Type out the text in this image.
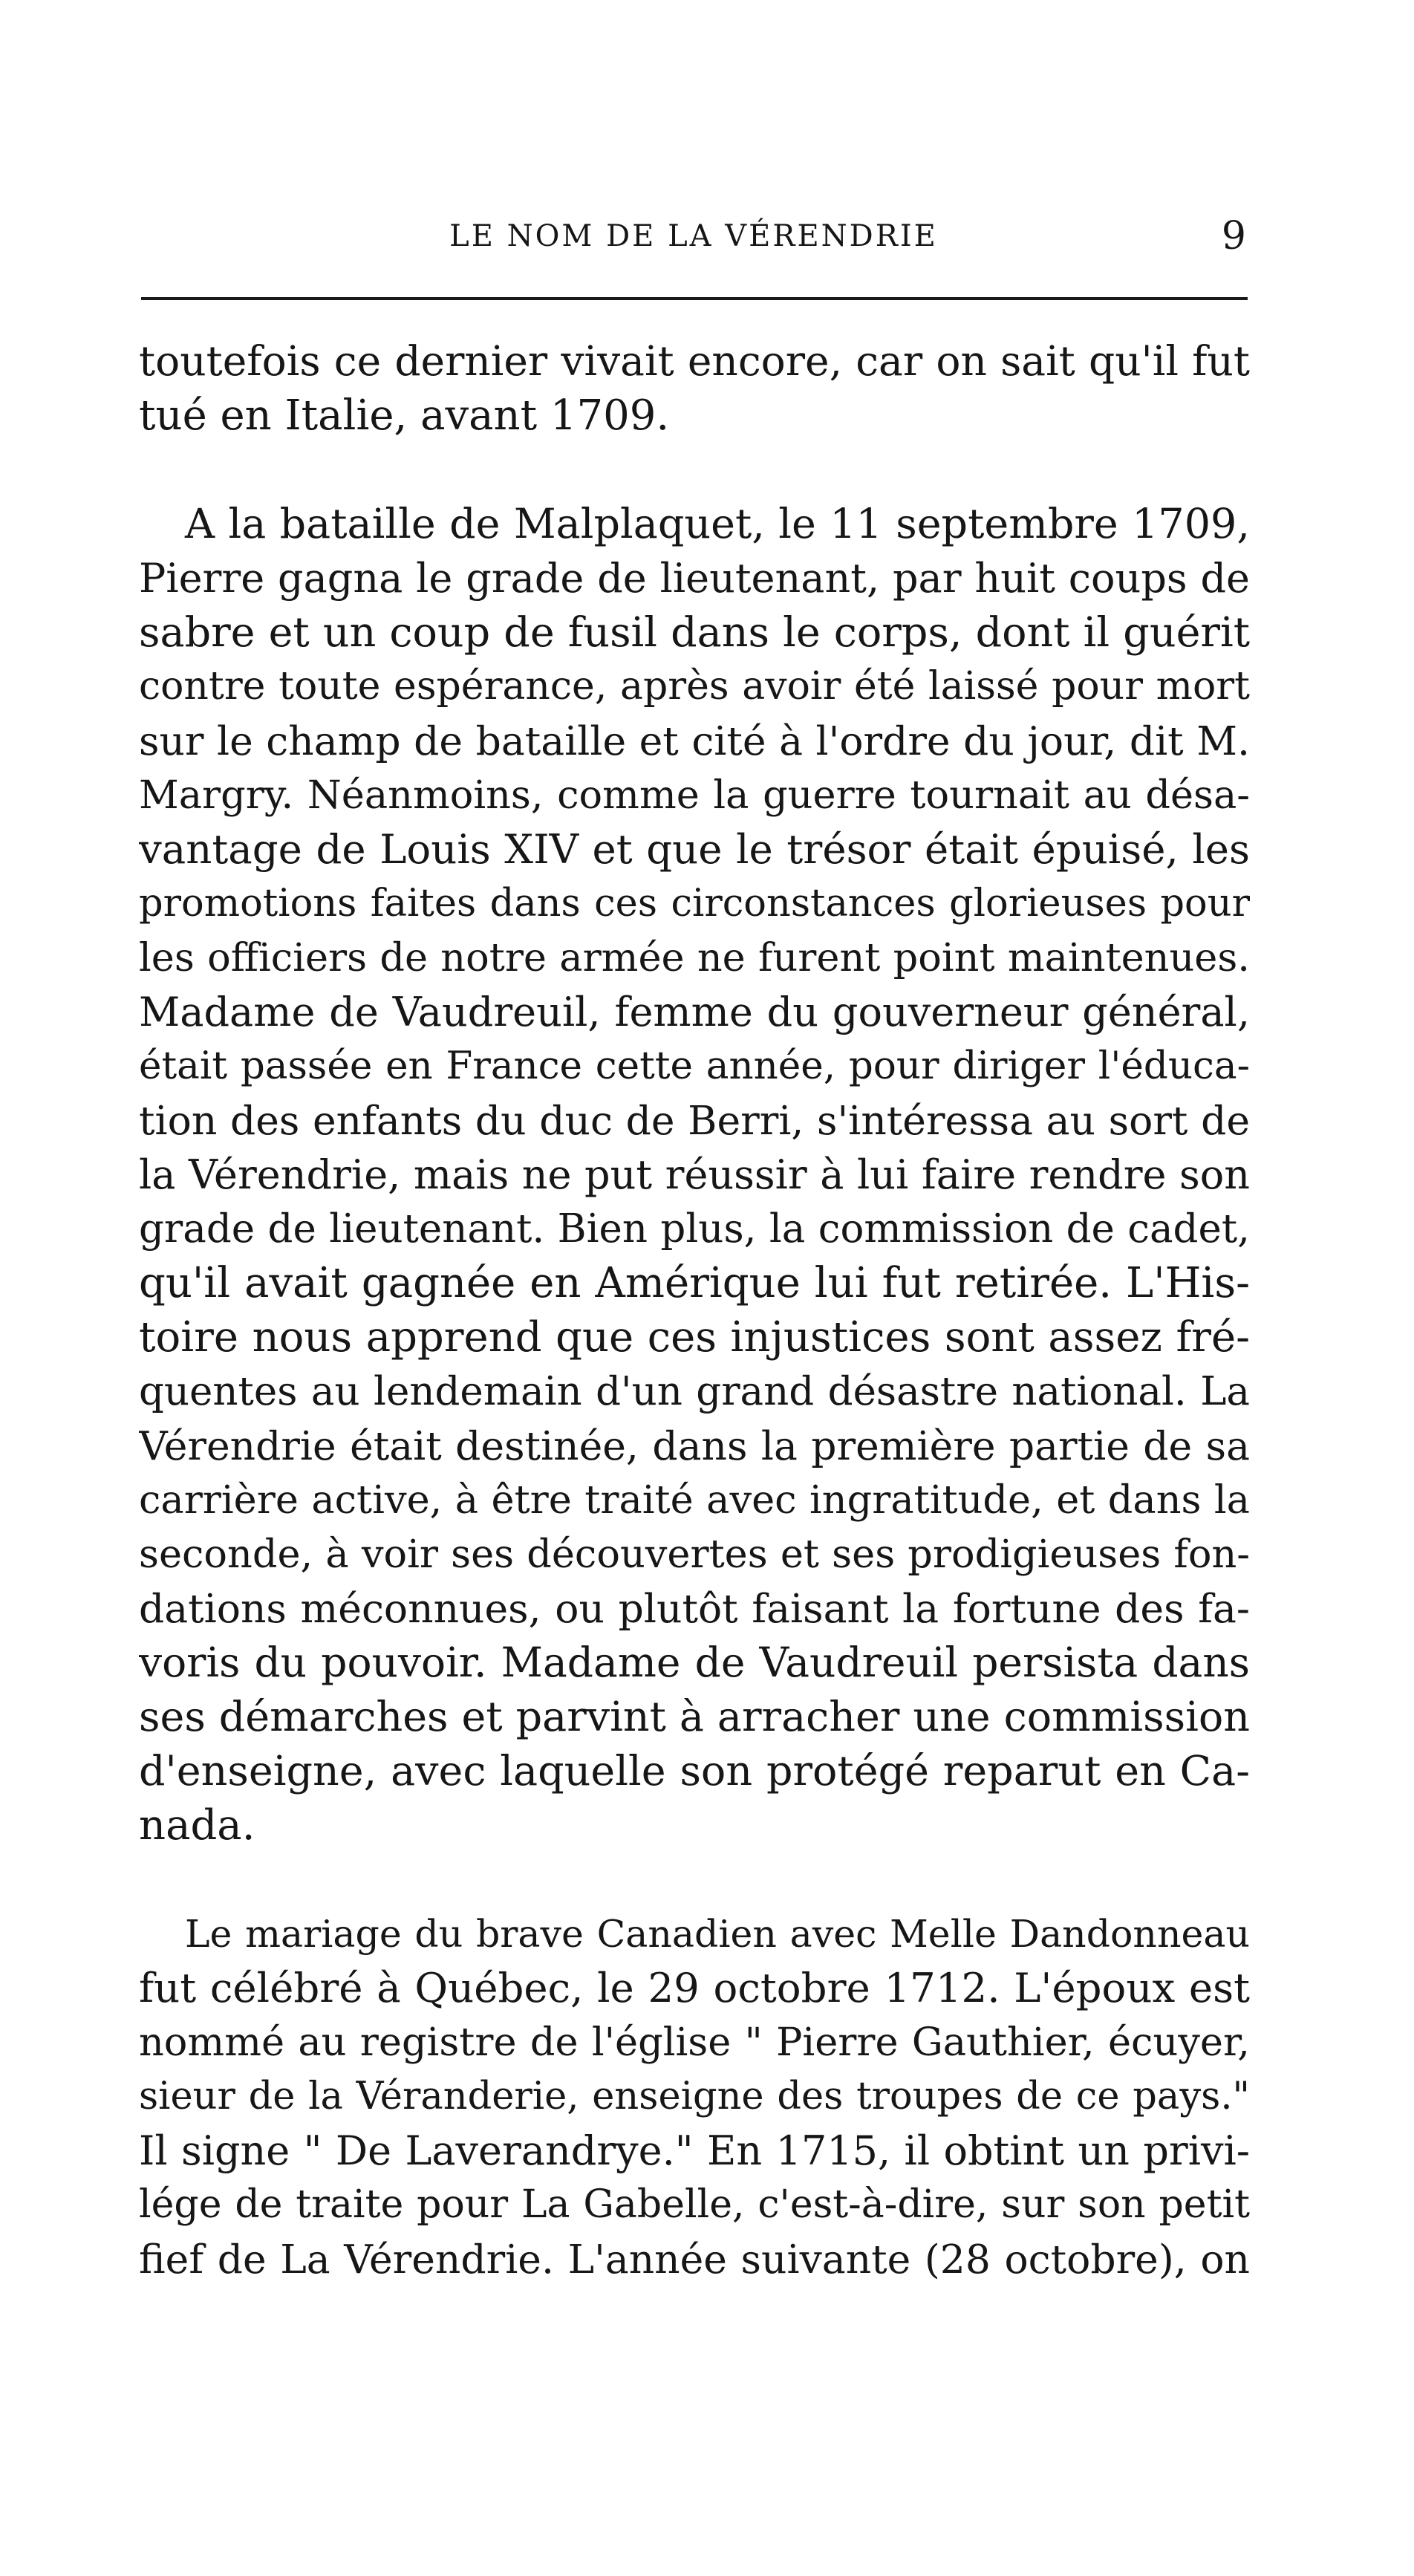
LE NOM DE LA VÉRENDRIE	9
toutefois ce dernier vivait encore, car on sait qu'il fut
tué en Italie, avant 1709.
A la bataille de Malplaquet, le 11 septembre 1709,
Pierre gagna le grade de lieutenant, par huit coups de
sabre et un coup de fusil dans le corps, dont il guérit
contre toute espérance, après avoir été laissé pour mort
sur le champ de bataille et cité à l'ordre du jour, dit M.
Margry. Néanmoins, comme la guerre tournait au désa-
vantage de Louis XIV et que le trésor était épuisé, les
promotions faites dans ces circonstances glorieuses pour
les officiers de notre armée ne furent point maintenues.
Madame de Vaudreuil, femme du gouverneur général,
était passée en France cette année, pour diriger l'éduca-
tion des enfants du duc de Berri, s'intéressa au sort de
la Vérendrie, mais ne put réussir à lui faire rendre son
grade de lieutenant. Bien plus, la commission de cadet,
qu'il avait gagnée en Amérique lui fut retirée. L'His-
toire nous apprend que ces injustices sont assez fré-
quentes au lendemain d'un grand désastre national. La
Vérendrie était destinée, dans la première partie de sa
carrière active, à être traité avec ingratitude, et dans la
seconde, à voir ses découvertes et ses prodigieuses fon-
dations méconnues, ou plutôt faisant la fortune des fa-
voris du pouvoir. Madame de Vaudreuil persista dans
ses démarches et parvint à arracher une commission
d'enseigne, avec laquelle son protégé reparut en Ca-
nada.
Le mariage du brave Canadien avec Melle Dandonneau
fut célébré à Québec, le 29 octobre 1712. L'époux est
nommé au registre de l'église " Pierre Gauthier, écuyer,
sieur de la Véranderie, enseigne des troupes de ce pays."
Il signe " De Laverandrye." En 1715, il obtint un privi-
lége de traite pour La Gabelle, c'est-à-dire, sur son petit
fief de La Vérendrie. L'année suivante (28 octobre), on
